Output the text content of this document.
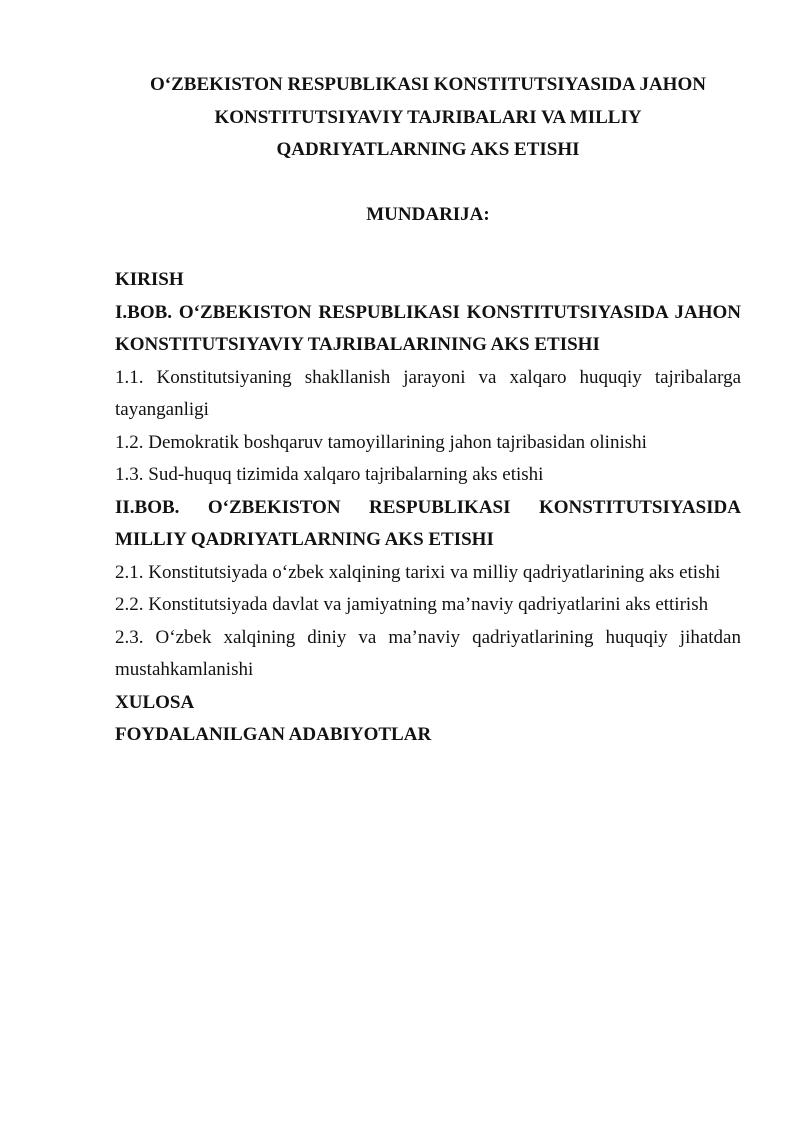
O‘ZBEKISTON RESPUBLIKASI KONSTITUTSIYASIDA JAHON
KONSTITUTSIYAVIY TAJRIBALARI VA MILLIY
QADRIYATLARNING AKS ETISHI
MUNDARIJA:
KIRISH
I.BOB. O‘ZBEKISTON RESPUBLIKASI KONSTITUTSIYASIDA JAHON KONSTITUTSIYAVIY TAJRIBALARINING AKS ETISHI
1.1. Konstitutsiyaning shakllanish jarayoni va xalqaro huquqiy tajribalarga tayanganligi
1.2. Demokratik boshqaruv tamoyillarining jahon tajribasidan olinishi
1.3. Sud-huquq tizimida xalqaro tajribalarning aks etishi
II.BOB. O‘ZBEKISTON RESPUBLIKASI KONSTITUTSIYASIDA MILLIY QADRIYATLARNING AKS ETISHI
2.1. Konstitutsiyada o‘zbek xalqining tarixi va milliy qadriyatlarining aks etishi
2.2. Konstitutsiyada davlat va jamiyatning ma’naviy qadriyatlarini aks ettirish
2.3. O‘zbek xalqining diniy va ma’naviy qadriyatlarining huquqiy jihatdan mustahkamlanishi
XULOSA
FOYDALANILGAN ADABIYOTLAR
